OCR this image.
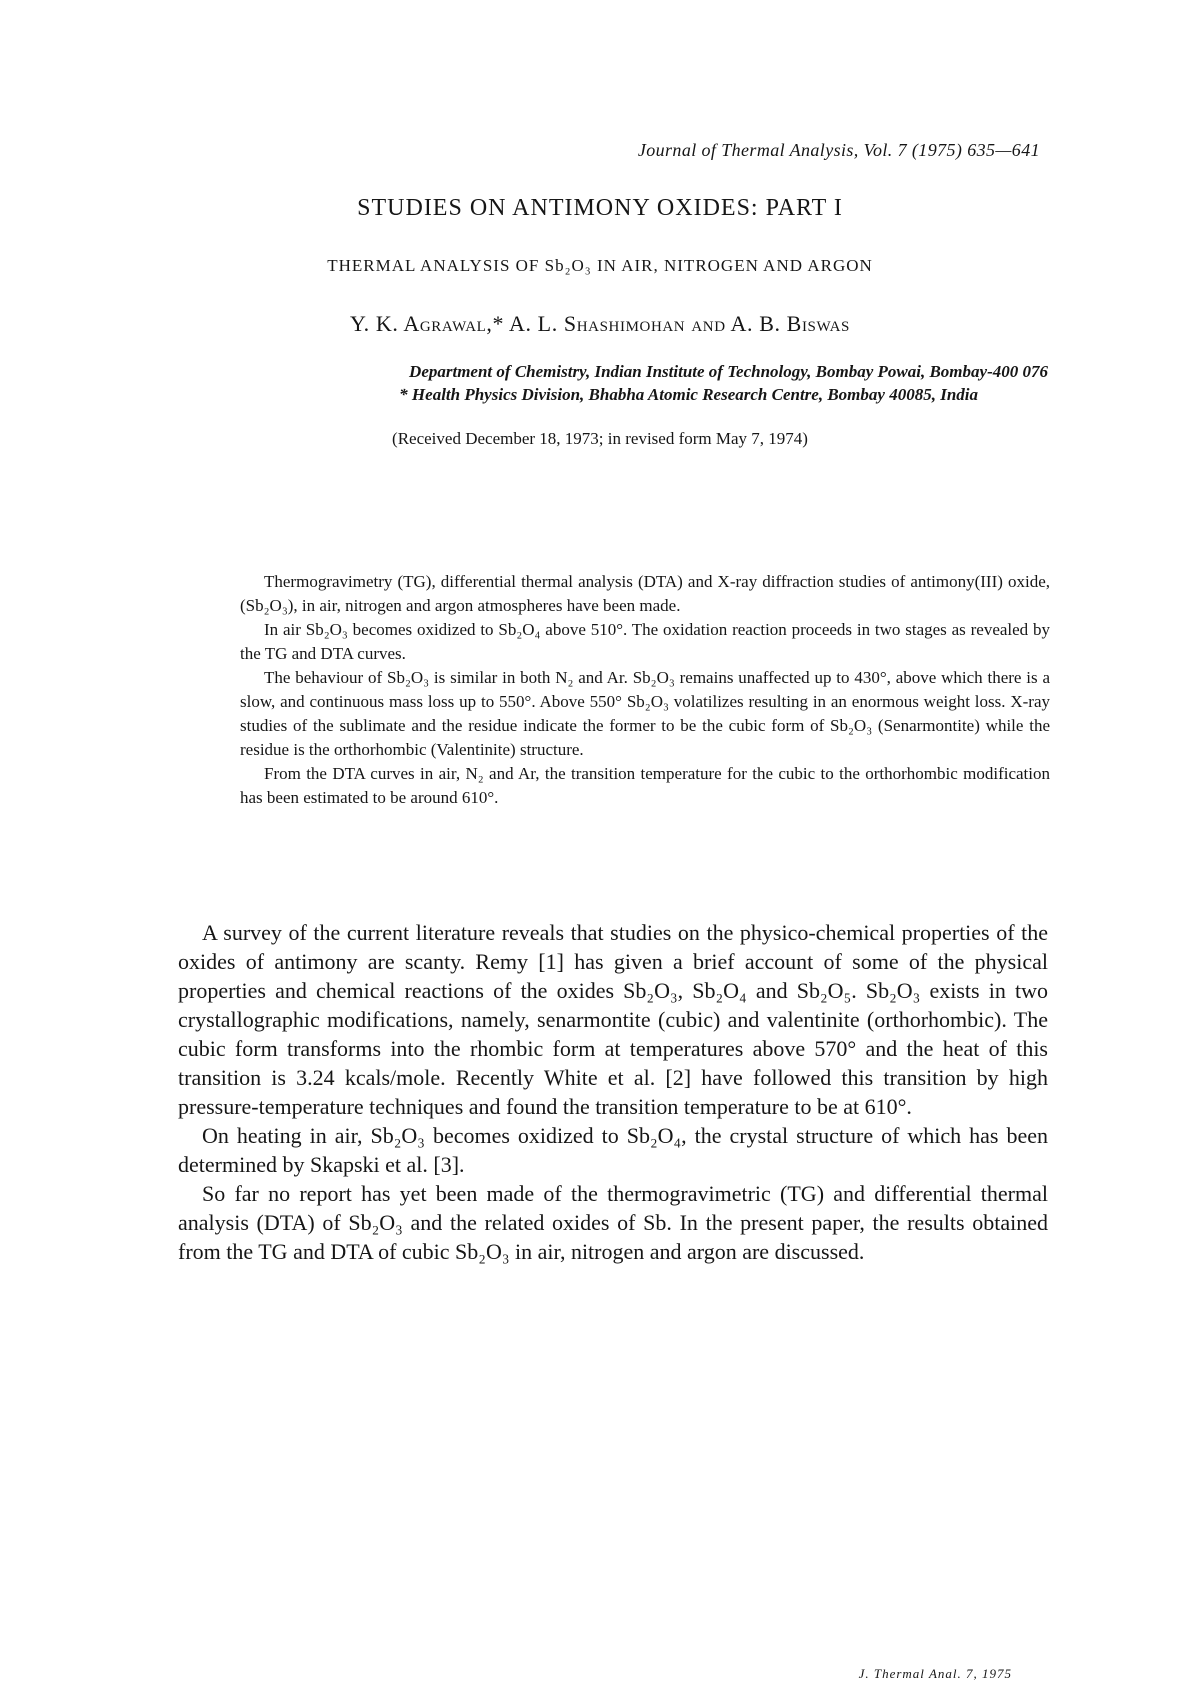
Journal of Thermal Analysis, Vol. 7 (1975) 635—641
STUDIES ON ANTIMONY OXIDES: PART I
THERMAL ANALYSIS OF Sb₂O₃ IN AIR, NITROGEN AND ARGON
Y. K. Agrawal,* A. L. Shashimohan and A. B. Biswas
Department of Chemistry, Indian Institute of Technology, Bombay Powai, Bombay-400 076
* Health Physics Division, Bhabha Atomic Research Centre, Bombay 40085, India
(Received December 18, 1973; in revised form May 7, 1974)

Thermogravimetry (TG), differential thermal analysis (DTA) and X-ray diffraction studies of antimony(III) oxide, (Sb₂O₃), in air, nitrogen and argon atmospheres have been made.

In air Sb₂O₃ becomes oxidized to Sb₂O₄ above 510°. The oxidation reaction proceeds in two stages as revealed by the TG and DTA curves.

The behaviour of Sb₂O₃ is similar in both N₂ and Ar. Sb₂O₃ remains unaffected up to 430°, above which there is a slow, and continuous mass loss up to 550°. Above 550° Sb₂O₃ volatilizes resulting in an enormous weight loss. X-ray studies of the sublimate and the residue indicate the former to be the cubic form of Sb₂O₃ (Senarmontite) while the residue is the orthorhombic (Valentinite) structure.

From the DTA curves in air, N₂ and Ar, the transition temperature for the cubic to the orthorhombic modification has been estimated to be around 610°.

A survey of the current literature reveals that studies on the physico-chemical properties of the oxides of antimony are scanty. Remy [1] has given a brief account of some of the physical properties and chemical reactions of the oxides Sb₂O₃, Sb₂O₄ and Sb₂O₅. Sb₂O₃ exists in two crystallographic modifications, namely, senarmontite (cubic) and valentinite (orthorhombic). The cubic form transforms into the rhombic form at temperatures above 570° and the heat of this transition is 3.24 kcals/mole. Recently White et al. [2] have followed this transition by high pressure-temperature techniques and found the transition temperature to be at 610°.

On heating in air, Sb₂O₃ becomes oxidized to Sb₂O₄, the crystal structure of which has been determined by Skapski et al. [3].

So far no report has yet been made of the thermogravimetric (TG) and differential thermal analysis (DTA) of Sb₂O₃ and the related oxides of Sb. In the present paper, the results obtained from the TG and DTA of cubic Sb₂O₃ in air, nitrogen and argon are discussed.

J. Thermal Anal. 7, 1975
